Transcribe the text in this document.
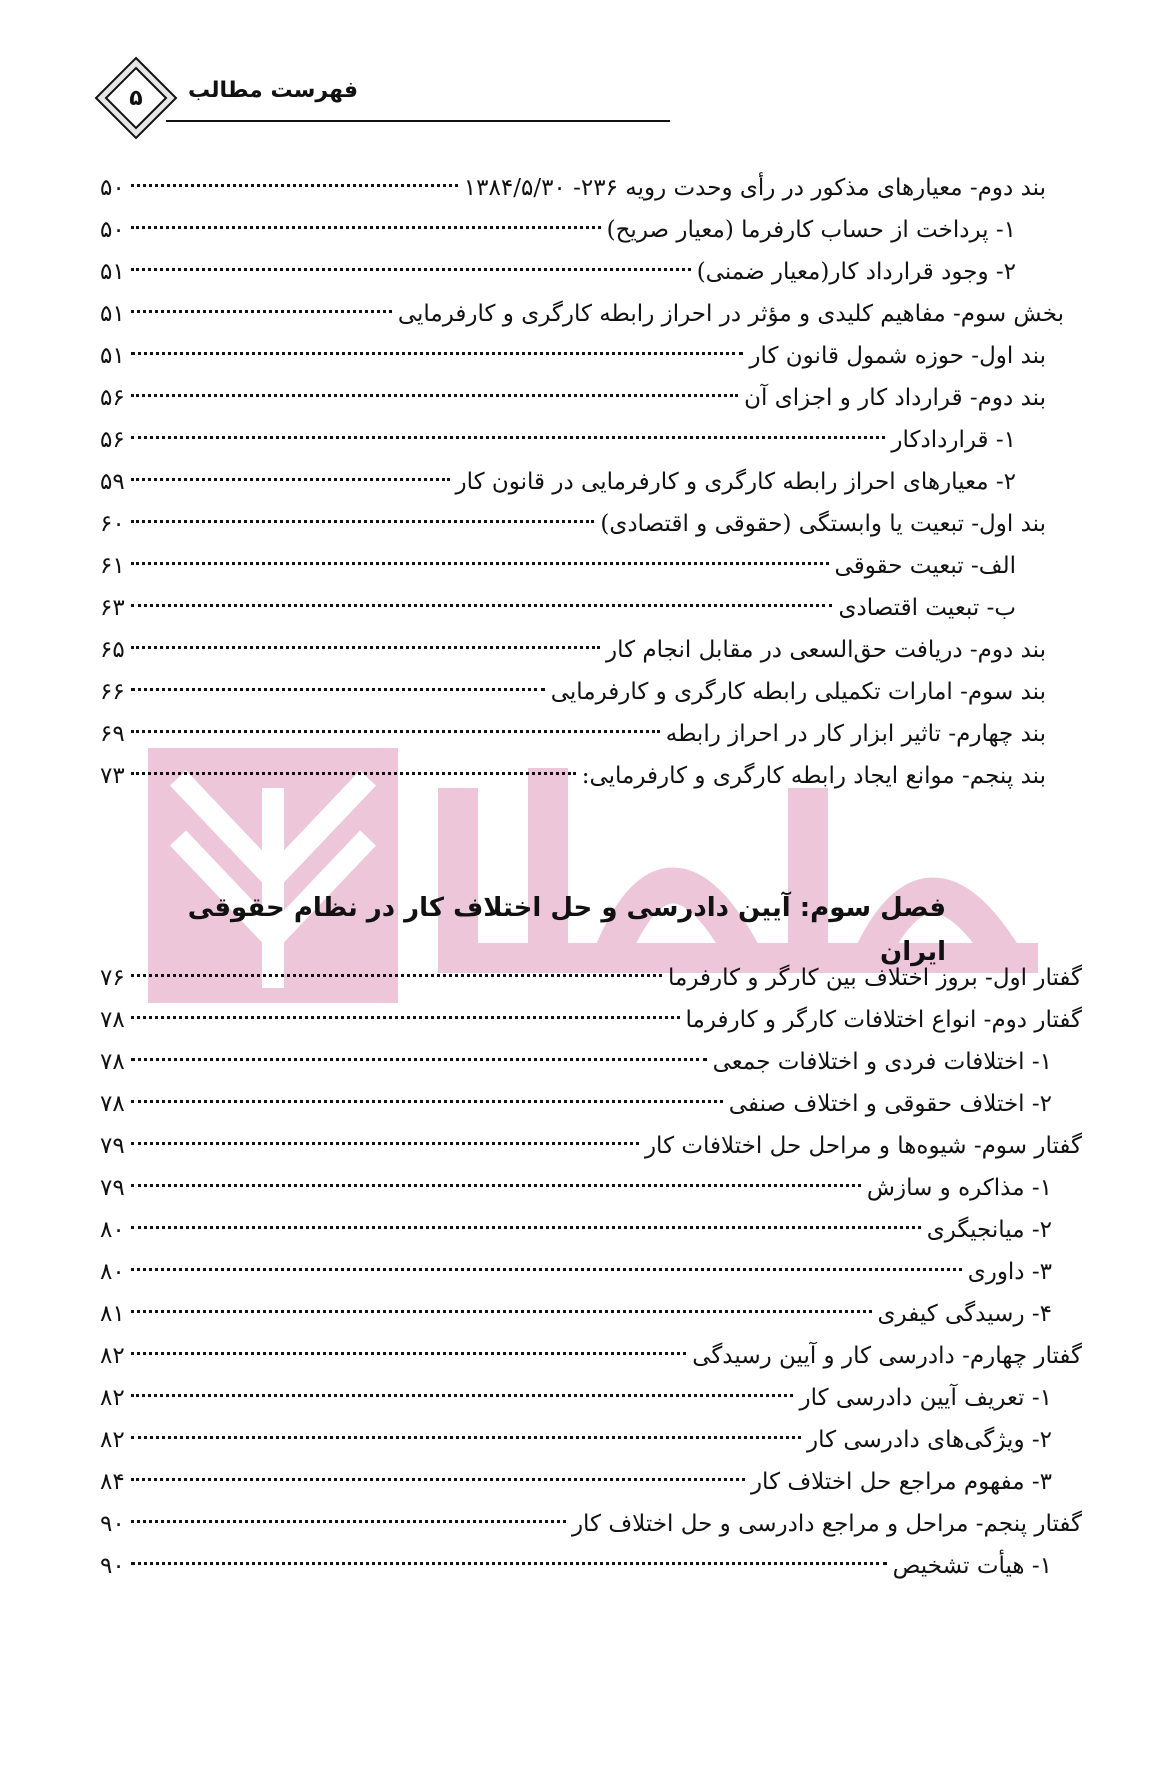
۵	فهرست مطالب
بند دوم- معیارهای مذکور در رأی وحدت رویه ۲۳۶- ۱۳۸۴/۵/۳۰
۵۰
۱- پرداخت از حساب کارفرما (معیار صریح)
۵۰
۲- وجود قرارداد کار(معیار ضمنی)
۵۱
بخش سوم- مفاهیم کلیدی و مؤثر در احراز رابطه کارگری و کارفرمایی
۵۱
بند اول- حوزه شمول قانون کار
۵۱
بند دوم- قرارداد کار و اجزای آن
۵۶
۱- قراردادکار
۵۶
۲- معیارهای احراز رابطه کارگری و کارفرمایی در قانون کار
۵۹
بند اول- تبعیت یا وابستگی (حقوقی و اقتصادی)
۶۰
الف- تبعیت حقوقی
۶۱
ب- تبعیت اقتصادی
۶۳
بند دوم- دریافت حق‌السعی در مقابل انجام کار
۶۵
بند سوم- امارات تکمیلی رابطه کارگری و کارفرمایی
۶۶
بند چهارم- تاثیر ابزار کار در احراز رابطه
۶۹
بند پنجم- موانع ایجاد رابطه کارگری و کارفرمایی:
۷۳
گفتار اول- بروز اختلاف بین کارگر و کارفرما
۷۶
گفتار دوم- انواع اختلافات کارگر و کارفرما
۷۸
۱- اختلافات فردی و اختلافات جمعی
۷۸
۲- اختلاف حقوقی و اختلاف صنفی
۷۸
گفتار سوم- شیوه‌ها و مراحل حل اختلافات کار
۷۹
۱- مذاکره و سازش
۷۹
۲- میانجیگری
۸۰
۳- داوری
۸۰
۴- رسیدگی کیفری
۸۱
گفتار چهارم- دادرسی کار و آیین رسیدگی
۸۲
۱- تعریف آیین دادرسی کار
۸۲
۲- ویژگی‌های دادرسی کار
۸۲
۳- مفهوم مراجع حل اختلاف کار
۸۴
گفتار پنجم- مراحل و مراجع دادرسی و حل اختلاف کار
۹۰
۱- هیأت تشخیص
۹۰
فصل سوم: آیین دادرسی و حل اختلاف کار در نظام حقوقی ایران
